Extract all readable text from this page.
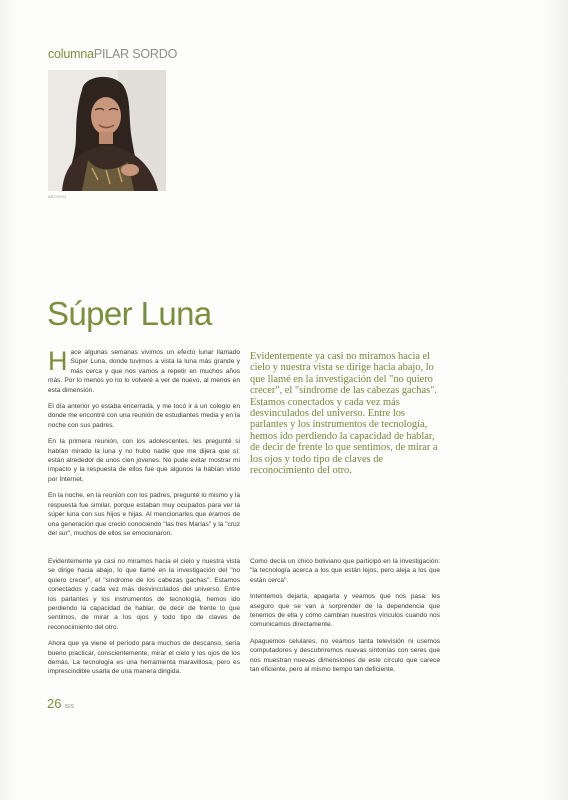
columnaPILAR SORDO
ARCHIVO
Súper Luna

Hace algunas semanas vivimos un efecto lunar llamado Súper Luna, donde tuvimos a vista la luna más grande y más cerca y que nos vamos a repetir en muchos años más. Por lo menos yo no lo volveré a ver de nuevo, al menos en esta dimensión.

El día anterior yo estaba encerrada, y me tocó ir a un colegio en donde me encontré con una reunión de estudiantes media y en la noche con sus padres.

En la primera reunión, con los adolescentes, les pregunté si habían mirado la luna y no hubo nadie que me dijera que sí: están alrededor de unos cien jóvenes. No pude evitar mostrar mi impacto y la respuesta de ellos fue que algunos la habían visto por Internet.

En la noche, en la reunión con los padres, pregunté lo mismo y la respuesta fue similar, porque estaban muy ocupados para ver la súper luna con sus hijos e hijas. Al mencionarles que éramos de una generación que creció conociendo "las tres Marías" y la "cruz del sur", muchos de ellos se emocionaron.

Evidentemente ya casi no miramos hacia el cielo y nuestra vista se dirige hacia abajo, lo que llamé en la investigación del "no quiero crecer", el "síndrome de las cabezas gachas". Estamos conectados y cada vez más desvinculados del universo. Entre los parlantes y los instrumentos de tecnología, hemos ido perdiendo la capacidad de hablar, de decir de frente lo que sentimos, de mirar a los ojos y todo tipo de claves de reconocimiento del otro.

Evidentemente ya casi no miramos hacia el cielo y nuestra vista se dirige hacia abajo, lo que llamé en la investigación del "no quiero crecer", el "síndrome de los cabezas gachas". Estamos conectados y cada vez más desvinculados del universo. Entre los parlantes y los instrumentos de tecnología, hemos ido perdiendo la capacidad de hablar, de decir de frente lo que sentimos, de mirar a los ojos y todo tipo de claves de reconocimiento del otro.

Ahora que ya viene el período para muchos de descanso, sería bueno practicar, conscientemente, mirar el cielo y los ojos de los demás. La tecnología es una herramienta maravillosa, pero es imprescindible usarla de una manera dirigida.

Como decía un chico boliviano que participó en la investigación: "la tecnología acerca a los que están lejos, pero aleja a los que están cerca".

Intentemos dejarla, apagarla y veamos qué nos pasa: les aseguro que se van a sorprender de la dependencia que tenemos de ella y cómo cambian nuestros vínculos cuando nos comunicamos directamente.

Apaguemos celulares, no veamos tanta televisión ni usemos computadores y descubriremos nuevas sintonías con seres que nos muestran nuevas dimensiones de este círculo que carece tan eficiente, pero al mismo tiempo tan deficiente.

26 ISIS
